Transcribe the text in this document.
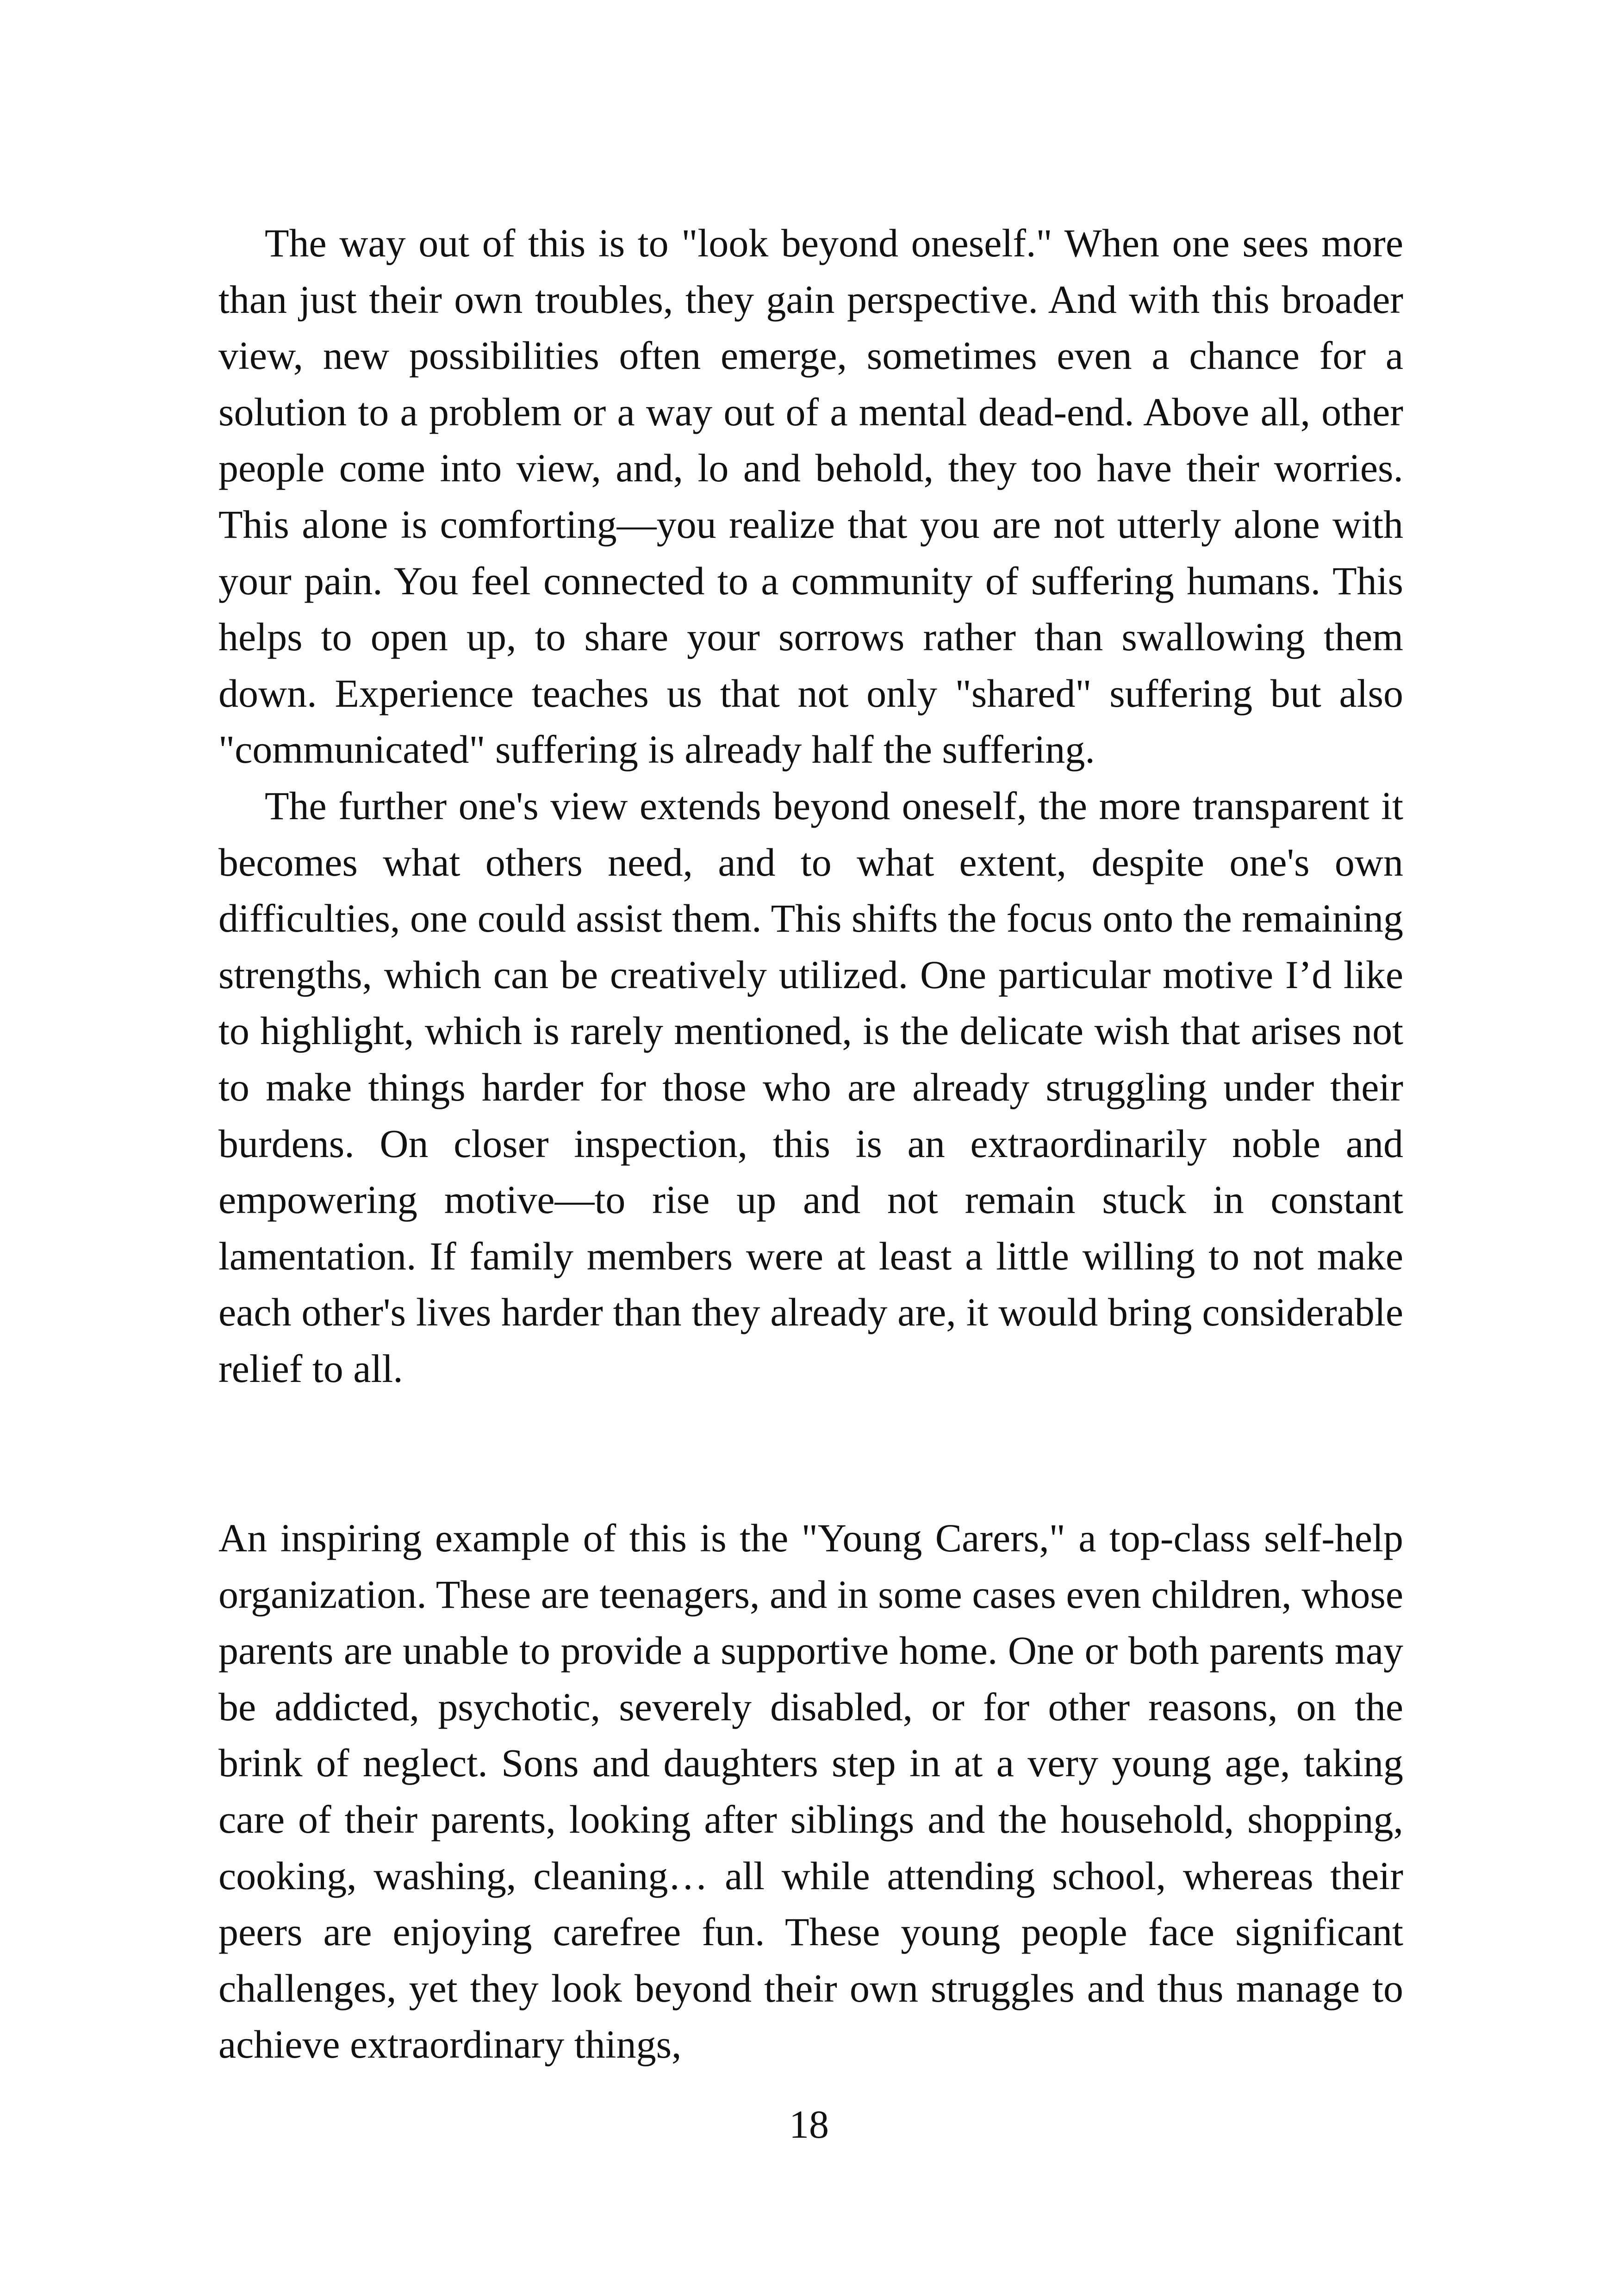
The way out of this is to "look beyond oneself." When one sees more than just their own troubles, they gain perspective. And with this broader view, new possibilities often emerge, sometimes even a chance for a solution to a problem or a way out of a mental dead-end. Above all, other people come into view, and, lo and behold, they too have their worries. This alone is comforting—you realize that you are not utterly alone with your pain. You feel connected to a community of suffering humans. This helps to open up, to share your sorrows rather than swallowing them down. Experience teaches us that not only "shared" suffering but also "communicated" suffering is already half the suffering.

The further one's view extends beyond oneself, the more transparent it becomes what others need, and to what extent, despite one's own difficulties, one could assist them. This shifts the focus onto the remaining strengths, which can be creatively utilized. One particular motive I’d like to highlight, which is rarely mentioned, is the delicate wish that arises not to make things harder for those who are already struggling under their burdens. On closer inspection, this is an extraordinarily noble and empowering motive—to rise up and not remain stuck in constant lamentation. If family members were at least a little willing to not make each other's lives harder than they already are, it would bring considerable relief to all.

An inspiring example of this is the "Young Carers," a top-class self-help organization. These are teenagers, and in some cases even children, whose parents are unable to provide a supportive home. One or both parents may be addicted, psychotic, severely disabled, or for other reasons, on the brink of neglect. Sons and daughters step in at a very young age, taking care of their parents, looking after siblings and the household, shopping, cooking, washing, cleaning… all while attending school, whereas their peers are enjoying carefree fun. These young people face significant challenges, yet they look beyond their own struggles and thus manage to achieve extraordinary things,

18
